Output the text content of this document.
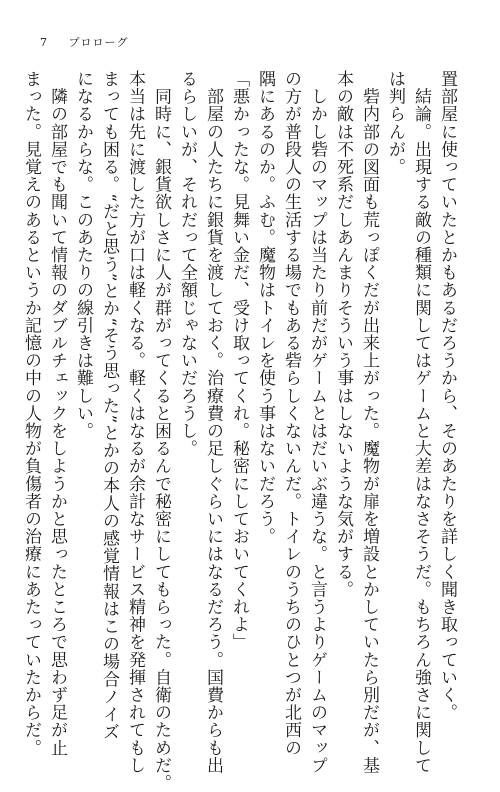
7 プロローグ
置部屋に使っていたとかもあるだろうから、そのあたりを詳しく聞き取っていく。
　結論。出現する敵の種類に関してはゲームと大差はなさそうだ。もちろん強さに関して
は判らんが。
　砦内部の図面も荒っぽくだが出来上がった。魔物が扉を増設とかしていたら別だが、基
本の敵は不死系だしあんまりそういう事はしないような気がする。
　しかし砦のマップは当たり前だがゲームとはだいぶ違うな。と言うよりゲームのマップ
の方が普段人の生活する場でもある砦らしくないんだ。トイレのうちのひとつが北西の
隅にあるのか。ふむ。魔物はトイレを使う事はないだろう。
「悪かったな。見舞い金だ、受け取ってくれ。秘密にしておいてくれよ」
　部屋の人たちに銀貨を渡しておく。治療費の足しぐらいにはなるだろう。国費からも出
るらしいが、それだって全額じゃないだろうし。
　同時に、銀貨欲しさに人が群がってくると困るんで秘密にしてもらった。自衛のためだ。
本当は先に渡した方が口は軽くなる。軽くはなるが余計なサービス精神を発揮されてもし
まっても困る。“だと思う”とか“そう思った”とかの本人の感覚情報はこの場合ノイズ
になるからな。このあたりの線引きは難しい。
　隣の部屋でも聞いて情報のダブルチェックをしようかと思ったところで思わず足が止
まった。見覚えのあるというか記憶の中の人物が負傷者の治療にあたっていたからだ。
